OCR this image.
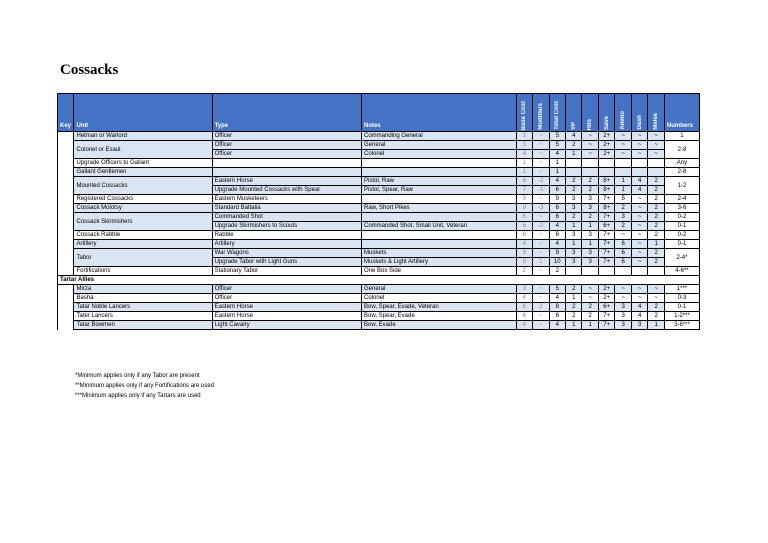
Cossacks
Key	Unit	Type	Notes	Base Cost	Modifiers	Total Cost	VP	Hits	Save	Ammo	Dash	Melee	Numbers
	Hetman or Warlord	Officer	Commanding General	3	~	5	4	~	2+	~	~	~	1
	Colonel or Esaul	Officer	General	3	~	5	2	~	2+	~	~	~	2-8
		Officer	Colonel	4	~	4	1	~	2+	~	~	~	
	Upgrade Officers to Gallant			1	~	1							Any
	Gallant Gentlemen			1	~	1							2-8
	Mounted Cossacks	Eastern Horse	Pistol, Raw	6	-2	4	2	2	8+	1	4	2	1-2
		Upgrade Mounted Cossacks with Spear	Pistol, Spear, Raw	7	-1	6	2	2	8+	1	4	2	
	Registered Cossacks	Eastern Musketeers		9	~	9	3	3	7+	5	~	2	2-4
	Cossack Molotsy	Standard Battalia	Raw, Short Pikes	9	-3	6	3	3	8+	2	~	2	3-6
	Cossack Skirmishers	Commanded Shot		6	~	6	2	2	7+	3	~	2	0-2
		Upgrade Skirmishers to Scouts	Commanded Shot, Small Unit, Veteran	6	-2	4	1	1	6+	2	~	2	0-1
	Cossack Rabble	Rabble		6	~	6	3	3	7+	~	~	2	0-2
	Artillery	Artillery		4	~	4	1	1	7+	6	~	1	0-1
	Tabor	War Wagons	Muskets	9	~	9	3	3	7+	6	~	2	2-4*
		Upgrade Tabor with Light Guns	Muskets & Light Artillery	9	1	10	3	3	7+	6	~	2	
	Fortifications	Stationary Tabor	One Box Side	2	~	2							4-6**
Tartar Allies													
	Mirza	Officer	General	3	~	5	2	~	2+	~	~	~	1***
	Basha	Officer	Colonel	4	~	4	1	~	2+	~	~	~	0-3
	Tatar Noble Lancers	Eastern Horse	Bow, Spear, Evade, Veteran	6	2	8	2	2	6+	3	4	2	0-1
	Tater Lancers	Eastern Horse	Bow, Spear, Evade	6	~	6	2	2	7+	3	4	2	1-2***
	Tatar Bowmen	Light Cavalry	Bow, Evade	4	~	4	1	1	7+	3	3	1	3-6***

*Minimum applies only if any Tabor are present

**Minimum applies only if any Fortifications are used

***Minimum applies only if any Tartars are used
